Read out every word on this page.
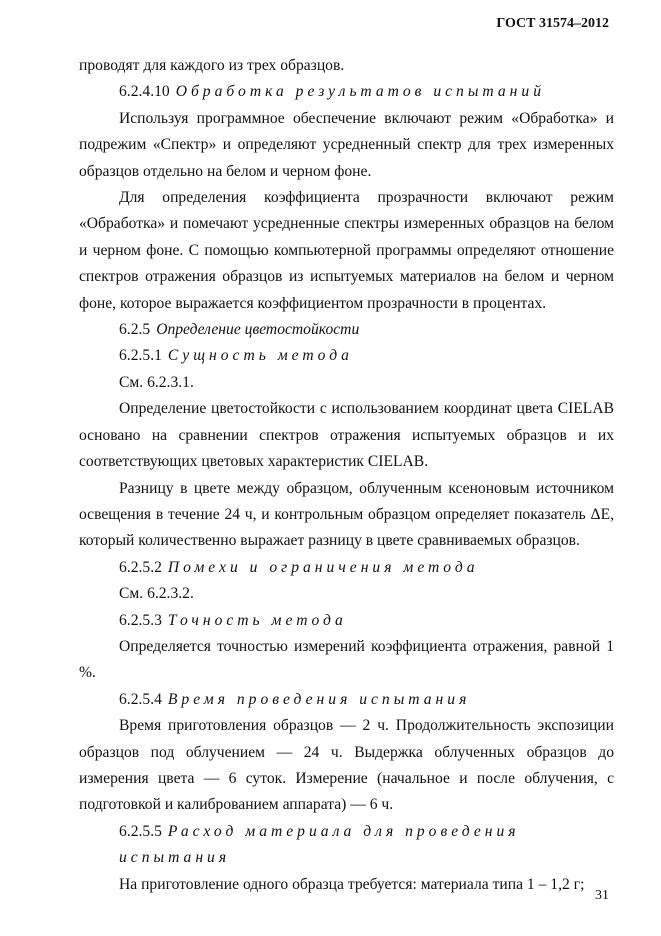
ГОСТ 31574–2012

проводят для каждого из трех образцов.

6.2.4.10 Обработка результатов испытаний

Используя программное обеспечение включают режим «Обработка» и подрежим «Спектр» и определяют усредненный спектр для трех измеренных образцов отдельно на белом и черном фоне.

Для определения коэффициента прозрачности включают режим «Обработка» и помечают усредненные спектры измеренных образцов на белом и черном фоне. С помощью компьютерной программы определяют отношение спектров отражения образцов из испытуемых материалов на белом и черном фоне, которое выражается коэффициентом прозрачности в процентах.

6.2.5 Определение цветостойкости

6.2.5.1 Сущность метода

См. 6.2.3.1.

Определение цветостойкости с использованием координат цвета CIELAB основано на сравнении спектров отражения испытуемых образцов и их соответствующих цветовых характеристик CIELAB.

Разницу в цвете между образцом, облученным ксеноновым источником освещения в течение 24 ч, и контрольным образцом определяет показатель ΔE, который количественно выражает разницу в цвете сравниваемых образцов.

6.2.5.2 Помехи и ограничения метода

См. 6.2.3.2.

6.2.5.3 Точность метода

Определяется точностью измерений коэффициента отражения, равной 1 %.

6.2.5.4 Время проведения испытания

Время приготовления образцов — 2 ч. Продолжительность экспозиции образцов под облучением — 24 ч. Выдержка облученных образцов до измерения цвета — 6 суток. Измерение (начальное и после облучения, с подготовкой и калиброванием аппарата) — 6 ч.

6.2.5.5 Расход материала для проведения испытания

На приготовление одного образца требуется: материала типа 1 – 1,2 г;

31
